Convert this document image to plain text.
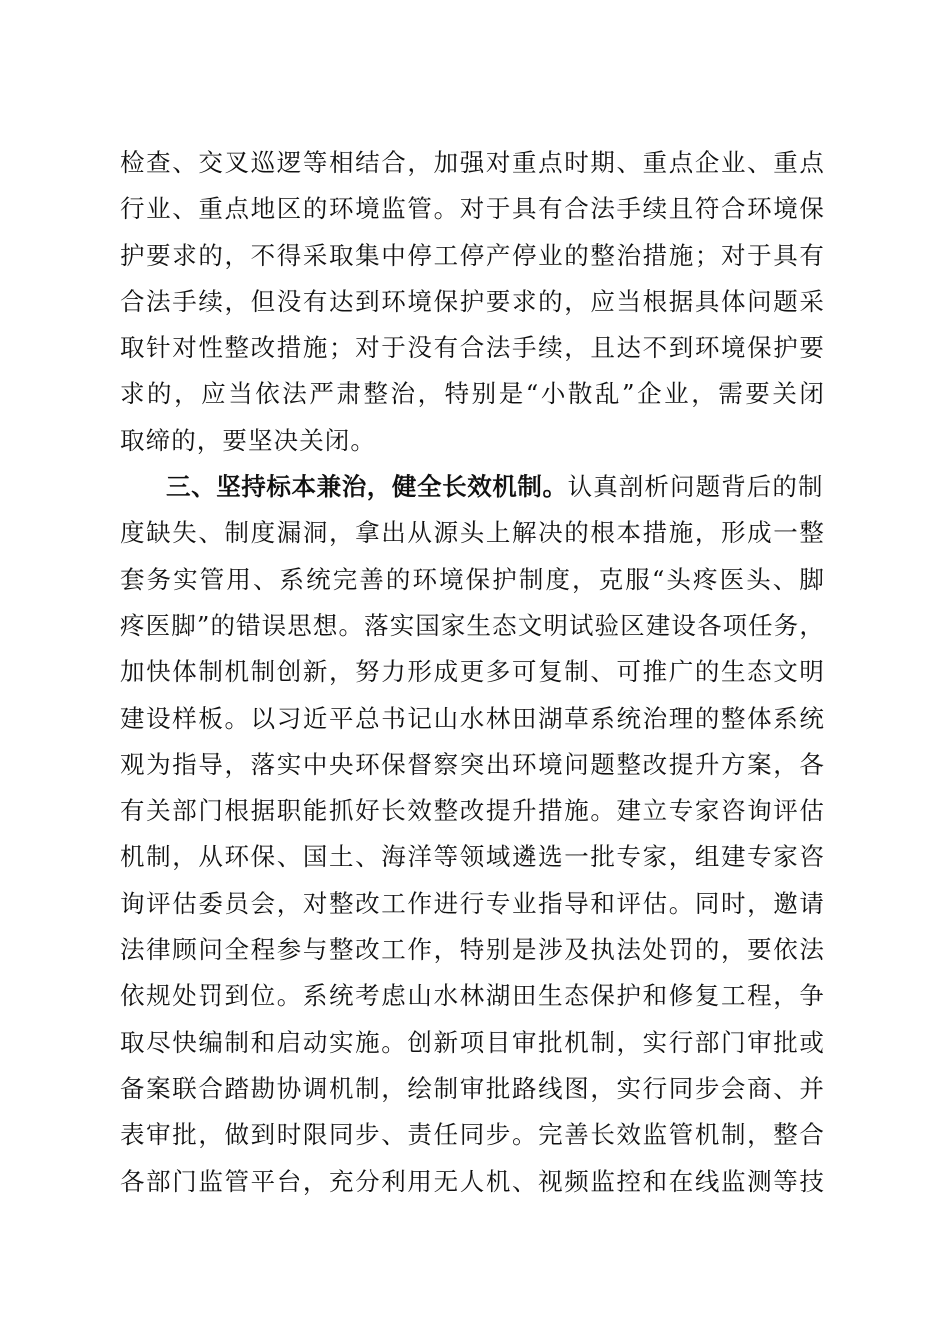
检查、交叉巡逻等相结合，加强对重点时期、重点企业、重点
行业、重点地区的环境监管。对于具有合法手续且符合环境保
护要求的，不得采取集中停工停产停业的整治措施；对于具有
合法手续，但没有达到环境保护要求的，应当根据具体问题采
取针对性整改措施；对于没有合法手续，且达不到环境保护要
求的，应当依法严肃整治，特别是“小散乱”企业，需要关闭
取缔的，要坚决关闭。
三、坚持标本兼治，健全长效机制。认真剖析问题背后的制
度缺失、制度漏洞，拿出从源头上解决的根本措施，形成一整
套务实管用、系统完善的环境保护制度，克服“头疼医头、脚
疼医脚”的错误思想。落实国家生态文明试验区建设各项任务，
加快体制机制创新，努力形成更多可复制、可推广的生态文明
建设样板。以习近平总书记山水林田湖草系统治理的整体系统
观为指导，落实中央环保督察突出环境问题整改提升方案，各
有关部门根据职能抓好长效整改提升措施。建立专家咨询评估
机制，从环保、国土、海洋等领域遴选一批专家，组建专家咨
询评估委员会，对整改工作进行专业指导和评估。同时，邀请
法律顾问全程参与整改工作，特别是涉及执法处罚的，要依法
依规处罚到位。系统考虑山水林湖田生态保护和修复工程，争
取尽快编制和启动实施。创新项目审批机制，实行部门审批或
备案联合踏勘协调机制，绘制审批路线图，实行同步会商、并
表审批，做到时限同步、责任同步。完善长效监管机制，整合
各部门监管平台，充分利用无人机、视频监控和在线监测等技
